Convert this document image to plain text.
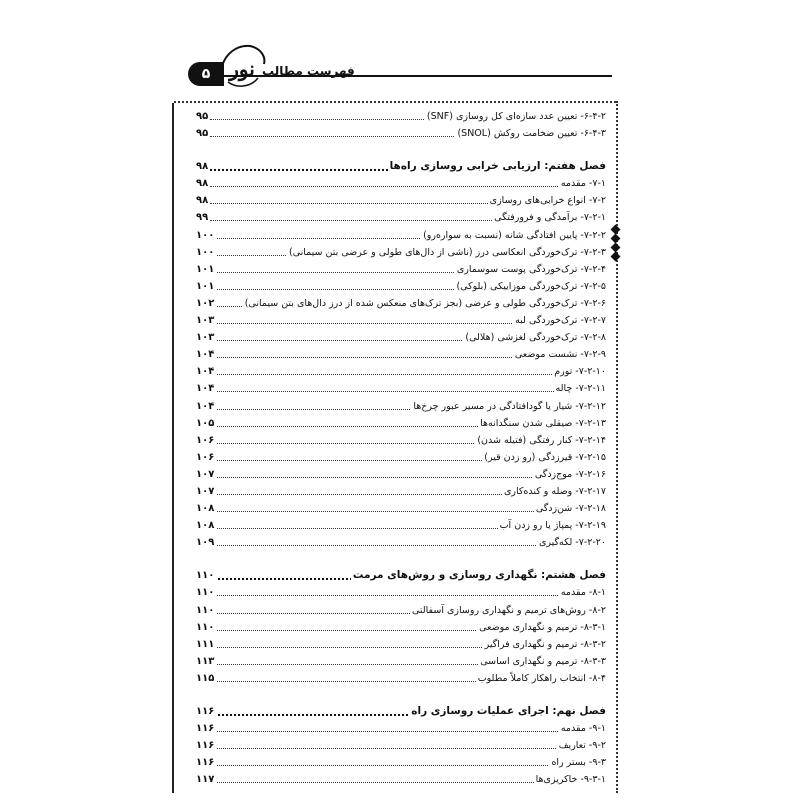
۵ نور فهرست مطالب
۶-۴-۲- تعیین عدد سازه‌ای کل روسازی (SNF)
۹۵
۶-۴-۳- تعیین ضخامت روکش (SNOL)
۹۵
فصل هفتم: ارزیابی خرابی روسازی راه‌ها
۹۸
۷-۱- مقدمه
۹۸
۷-۲- انواع خرابی‌های روسازی
۹۸
۷-۲-۱- برآمدگی و فرورفتگی
۹۹
۷-۲-۲- پایین افتادگی شانه (نسبت به سواره‌رو)
۱۰۰
۷-۲-۳- ترک‌خوردگی انعکاسی درز (ناشی از دال‌های طولی و عرضی بتن سیمانی)
۱۰۰
۷-۲-۴- ترک‌خوردگی پوست سوسماری
۱۰۱
۷-۲-۵- ترک‌خوردگی موزاییکی (بلوکی)
۱۰۱
۷-۲-۶- ترک‌خوردگی طولی و عرضی (بجز ترک‌های منعکس شده از درز دال‌های بتن سیمانی)
۱۰۲
۷-۲-۷- ترک‌خوردگی لبه
۱۰۳
۷-۲-۸- ترک‌خوردگی لغزشی (هلالی)
۱۰۳
۷-۲-۹- نشست موضعی
۱۰۴
۷-۲-۱۰- تورم
۱۰۴
۷-۲-۱۱- چاله
۱۰۴
۷-۲-۱۲- شیار یا گودافتادگی در مسیر عبور چرخ‌ها
۱۰۴
۷-۲-۱۳- صیقلی شدن سنگدانه‌ها
۱۰۵
۷-۲-۱۴- کنار رفتگی (فتیله شدن)
۱۰۶
۷-۲-۱۵- قیرزدگی (رو زدن قیر)
۱۰۶
۷-۲-۱۶- موج‌زدگی
۱۰۷
۷-۲-۱۷- وصله و کنده‌کاری
۱۰۷
۷-۲-۱۸- شن‌زدگی
۱۰۸
۷-۲-۱۹- پمپاژ یا رو زدن آب
۱۰۸
۷-۲-۲۰- لکه‌گیری
۱۰۹
فصل هشتم: نگهداری روسازی و روش‌های مرمت
۱۱۰
۸-۱- مقدمه
۱۱۰
۸-۲- روش‌های ترمیم و نگهداری روسازی آسفالتی
۱۱۰
۸-۳-۱- ترمیم و نگهداری موضعی
۱۱۰
۸-۳-۲- ترمیم و نگهداری فراگیر
۱۱۱
۸-۳-۳- ترمیم و نگهداری اساسی
۱۱۳
۸-۴- انتخاب راهکار کاملاً مطلوب
۱۱۵
فصل نهم: اجرای عملیات روسازی راه
۱۱۶
۹-۱- مقدمه
۱۱۶
۹-۲- تعاریف
۱۱۶
۹-۳- بستر راه
۱۱۶
۹-۳-۱- خاکریزی‌ها
۱۱۷
